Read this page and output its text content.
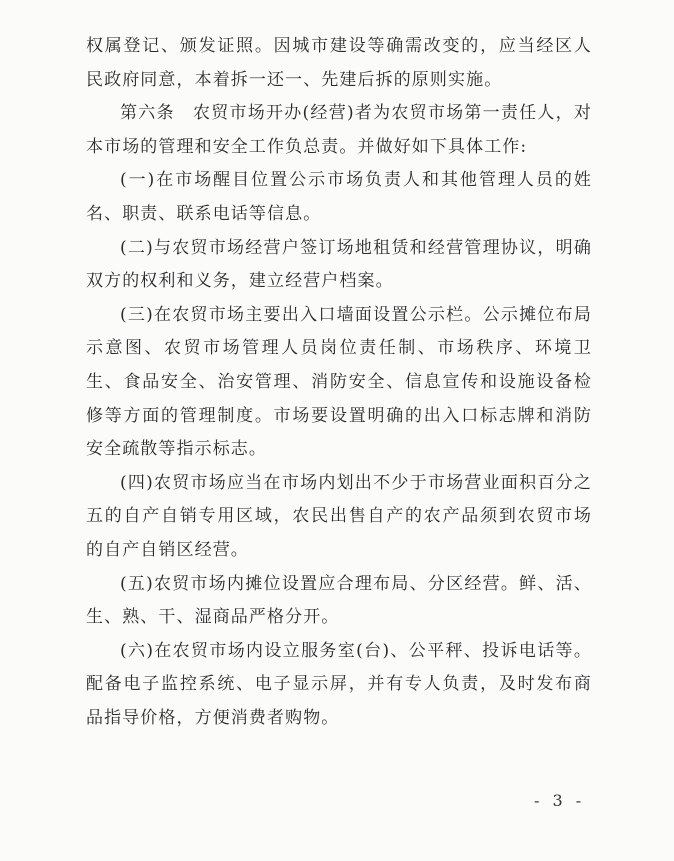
权属登记、颁发证照。因城市建设等确需改变的，应当经区人民政府同意，本着拆一还一、先建后拆的原则实施。

第六条　农贸市场开办(经营)者为农贸市场第一责任人，对本市场的管理和安全工作负总责。并做好如下具体工作:

(一)在市场醒目位置公示市场负责人和其他管理人员的姓名、职责、联系电话等信息。

(二)与农贸市场经营户签订场地租赁和经营管理协议，明确双方的权利和义务，建立经营户档案。

(三)在农贸市场主要出入口墙面设置公示栏。公示摊位布局示意图、农贸市场管理人员岗位责任制、市场秩序、环境卫生、食品安全、治安管理、消防安全、信息宣传和设施设备检修等方面的管理制度。市场要设置明确的出入口标志牌和消防安全疏散等指示标志。

(四)农贸市场应当在市场内划出不少于市场营业面积百分之五的自产自销专用区域，农民出售自产的农产品须到农贸市场的自产自销区经营。

(五)农贸市场内摊位设置应合理布局、分区经营。鲜、活、生、熟、干、湿商品严格分开。

(六)在农贸市场内设立服务室(台)、公平秤、投诉电话等。配备电子监控系统、电子显示屏，并有专人负责，及时发布商品指导价格，方便消费者购物。

- 3 -
